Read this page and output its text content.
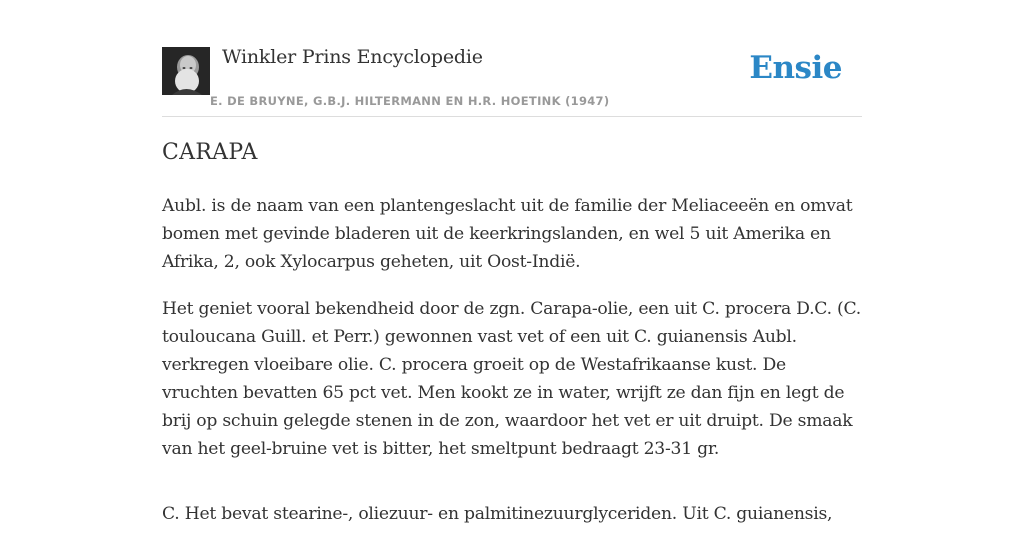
Winkler Prins Encyclopedie
E. DE BRUYNE, G.B.J. HILTERMANN EN H.R. HOETINK (1947)
Ensie
CARAPA

Aubl. is de naam van een plantengeslacht uit de familie der Meliaceeën en omvat bomen met gevinde bladeren uit de keerkringslanden, en wel 5 uit Amerika en Afrika, 2, ook Xylocarpus geheten, uit Oost-Indië.

Het geniet vooral bekendheid door de zgn. Carapa-olie, een uit C. procera D.C. (C. touloucana Guill. et Perr.) gewonnen vast vet of een uit C. guianensis Aubl. verkregen vloeibare olie. C. procera groeit op de Westafrikaanse kust. De vruchten bevatten 65 pct vet. Men kookt ze in water, wrijft ze dan fijn en legt de brij op schuin gelegde stenen in de zon, waardoor het vet er uit druipt. De smaak van het geel-bruine vet is bitter, het smeltpunt bedraagt 23-31 gr.

C. Het bevat stearine-, oliezuur- en palmitinezuurglyceriden. Uit C. guianensis,
